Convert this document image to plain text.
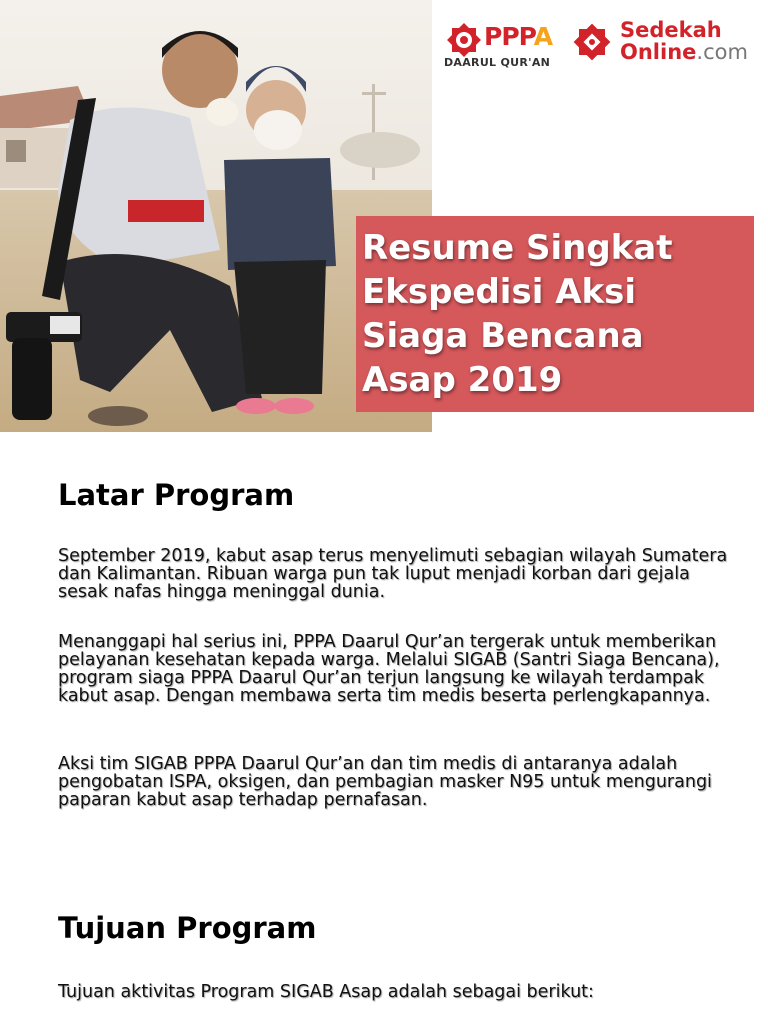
PPPA
DAARUL QUR'AN
Sedekah
Online.com
Resume Singkat
Ekspedisi Aksi
Siaga Bencana
Asap 2019
Latar Program

September 2019, kabut asap terus menyelimuti sebagian wilayah Sumatera dan Kalimantan. Ribuan warga pun tak luput menjadi korban dari gejala sesak nafas hingga meninggal dunia.

Menanggapi hal serius ini, PPPA Daarul Qur’an tergerak untuk memberikan pelayanan kesehatan kepada warga. Melalui SIGAB (Santri Siaga Bencana), program siaga PPPA Daarul Qur’an terjun langsung ke wilayah terdampak kabut asap. Dengan membawa serta tim medis beserta perlengkapannya.

Aksi tim SIGAB PPPA Daarul Qur’an dan tim medis di antaranya adalah pengobatan ISPA, oksigen, dan pembagian masker N95 untuk mengurangi paparan kabut asap terhadap pernafasan.

Tujuan Program

Tujuan aktivitas Program SIGAB Asap adalah sebagai berikut:
